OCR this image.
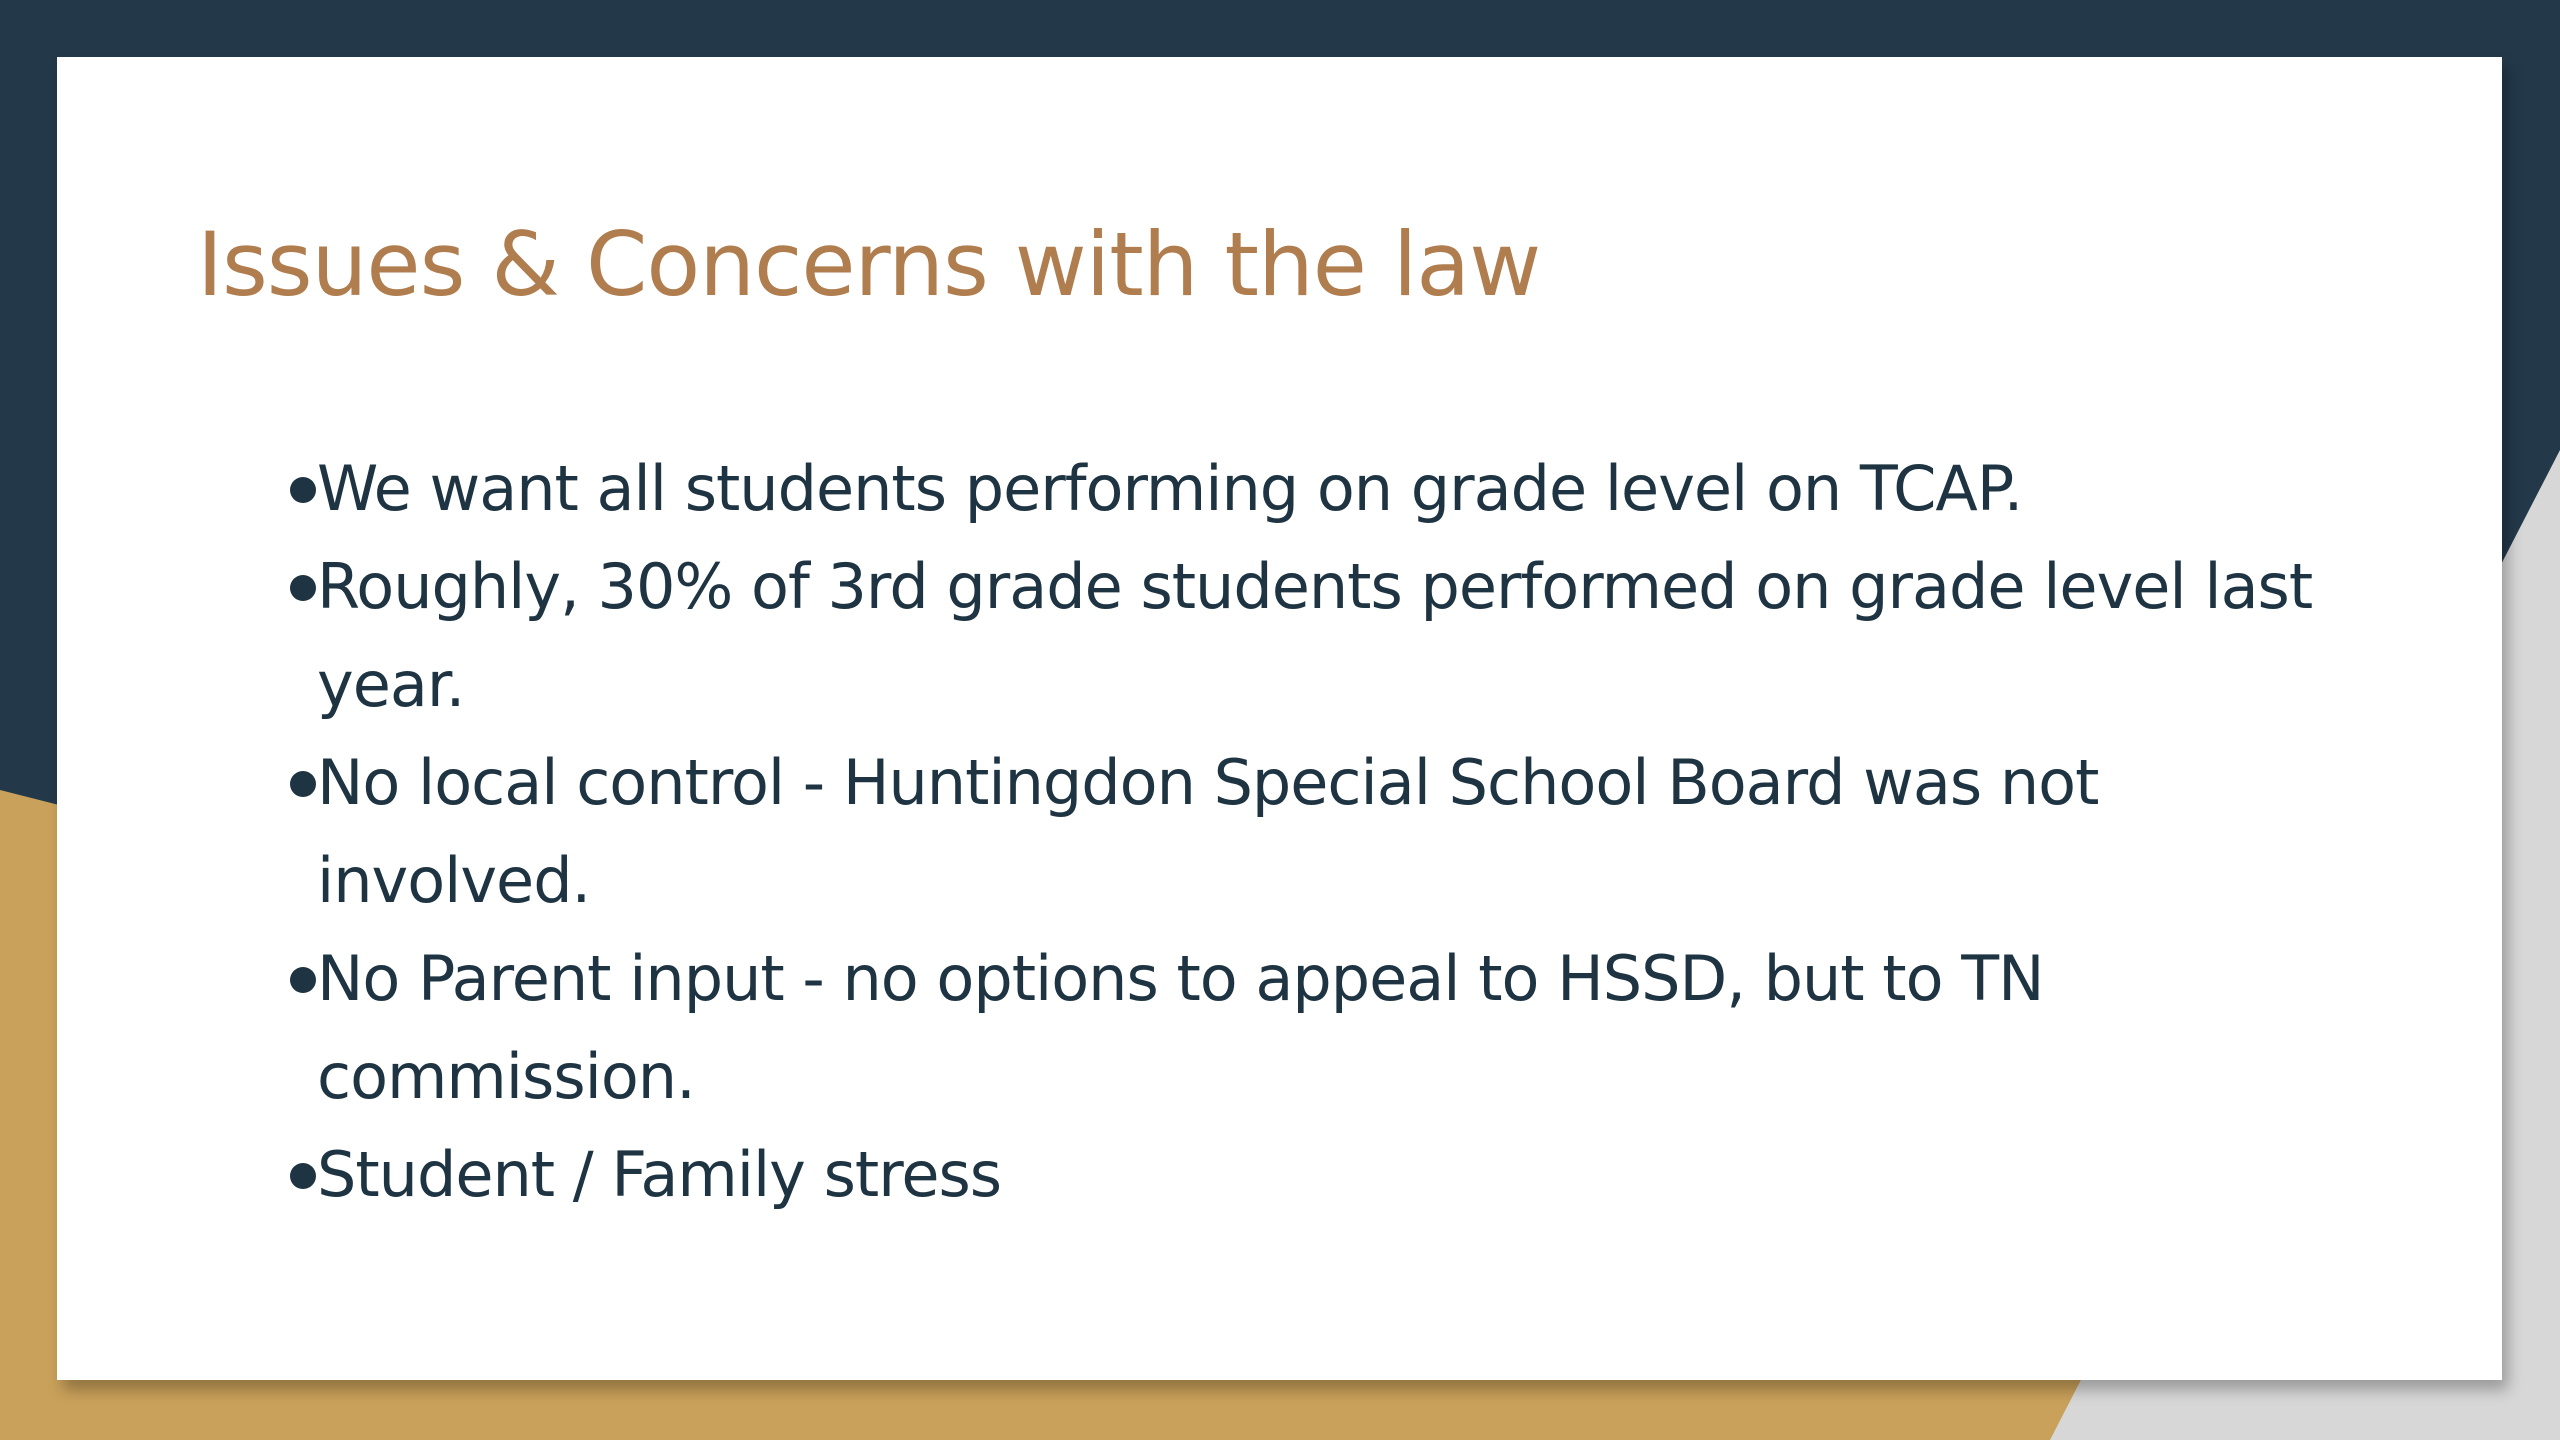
Issues & Concerns with the law
We want all students performing on grade level on TCAP.
Roughly, 30% of 3rd grade students performed on grade level last year.
No local control - Huntingdon Special School Board was not involved.
No Parent input - no options to appeal to HSSD, but to TN commission.
Student / Family stress
